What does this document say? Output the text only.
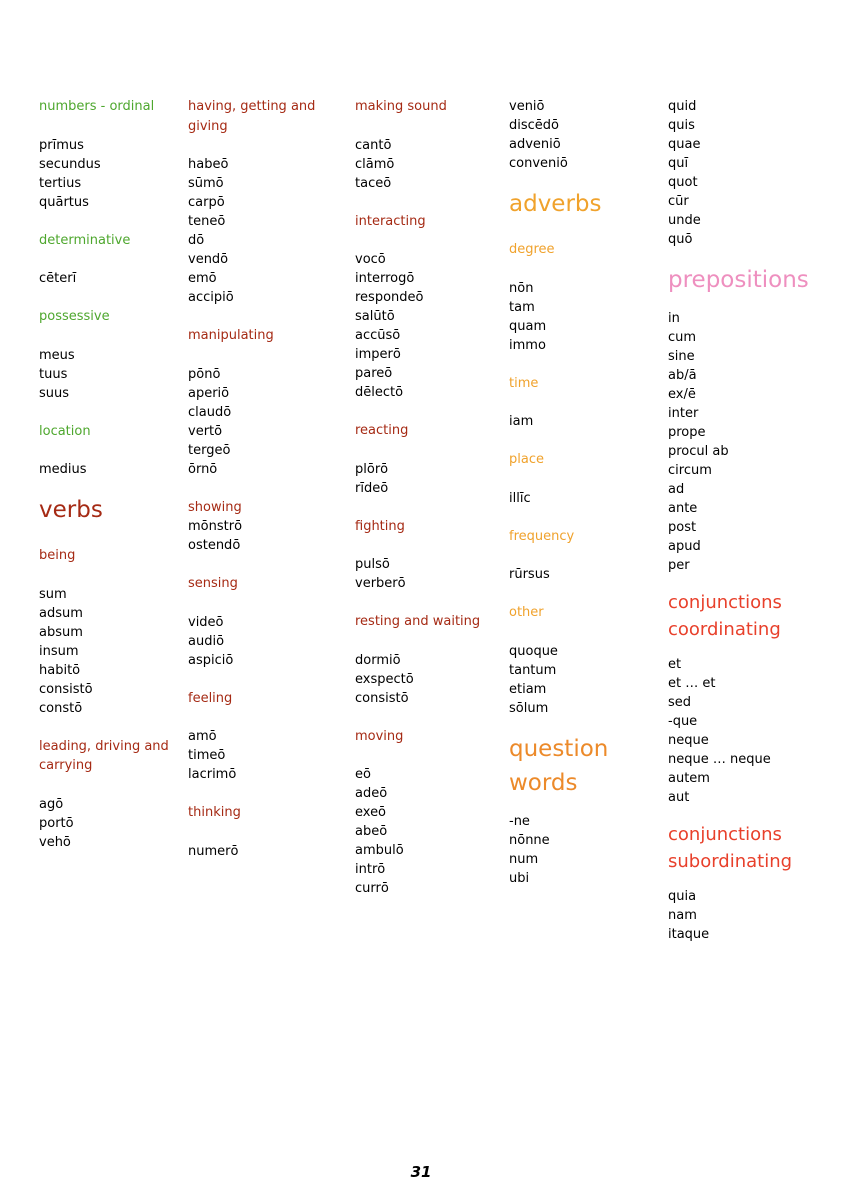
numbers - ordinal
prīmus
secundus
tertius
quārtus
determinative
cēterī
possessive
meus
tuus
suus
location
medius
verbs
being
sum
adsum
absum
insum
habitō
consistō
constō
leading, driving and carrying
agō
portō
vehō
having, getting and giving
habeō
sūmō
carpō
teneō
dō
vendō
emō
accipiō
manipulating
pōnō
aperiō
claudō
vertō
tergeō
ōrnō
showing
mōnstrō
ostendō
sensing
videō
audiō
aspiciō
feeling
amō
timeō
lacrimō
thinking
numerō
making sound
cantō
clāmō
taceō
interacting
vocō
interrogō
respondeō
salūtō
accūsō
imperō
pareō
dēlectō
reacting
plōrō
rīdeō
fighting
pulsō
verberō
resting and waiting
dormiō
exspectō
consistō
moving
eō
adeō
exeō
abeō
ambulō
intrō
currō
veniō
discēdō
adveniō
conveniō
adverbs
degree
nōn
tam
quam
immo
time
iam
place
illīc
frequency
rūrsus
other
quoque
tantum
etiam
sōlum
question words
-ne
nōnne
num
ubi
quid
quis
quae
quī
quot
cūr
unde
quō
prepositions
in
cum
sine
ab/ā
ex/ē
inter
prope
procul ab
circum
ad
ante
post
apud
per
conjunctions coordinating
et
et … et
sed
-que
neque
neque … neque
autem
aut
conjunctions subordinating
quia
nam
itaque
31
